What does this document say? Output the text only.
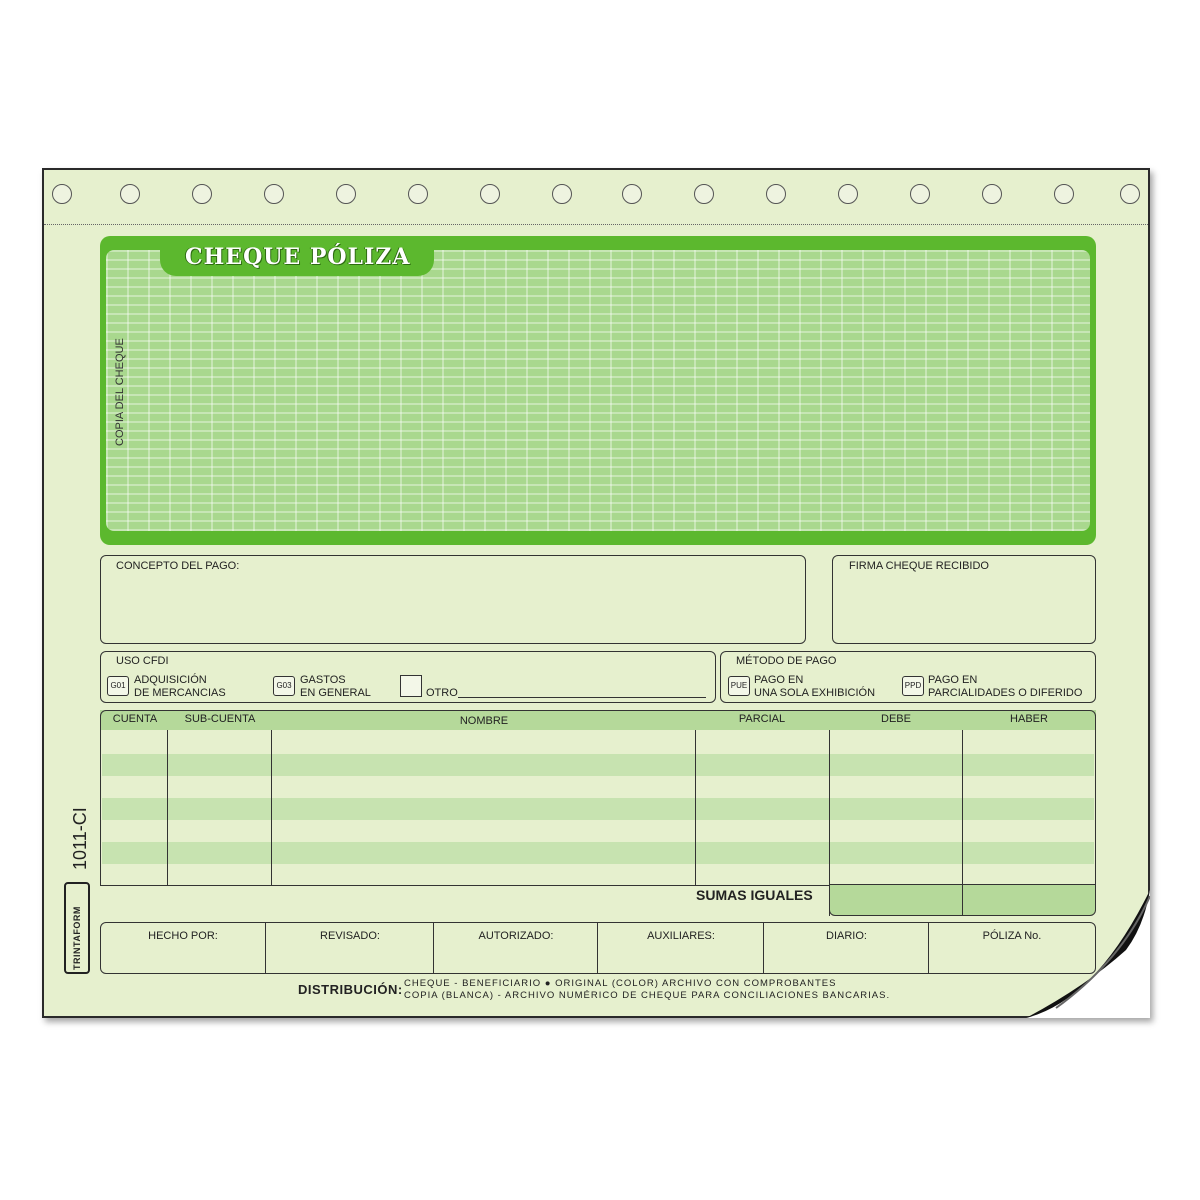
CHEQUE PÓLIZA
COPIA DEL CHEQUE
CONCEPTO DEL PAGO:	FIRMA CHEQUE RECIBIDO
USO CFDI
G01 ADQUISICIÓN
DE MERCANCIAS
G03 GASTOS
EN GENERAL	OTRO
MÉTODO DE PAGO
PUE PAGO EN
UNA SOLA EXHIBICIÓN
PPD PAGO EN
PARCIALIDADES O DIFERIDO
CUENTA	SUB-CUENTA	NOMBRE	PARCIAL	DEBE	HABER
SUMAS IGUALES
HECHO POR:	REVISADO:	AUTORIZADO:	AUXILIARES:	DIARIO:	PÓLIZA No.
DISTRIBUCIÓN: CHEQUE - BENEFICIARIO ● ORIGINAL (COLOR) ARCHIVO CON COMPROBANTES
COPIA (BLANCA) - ARCHIVO NUMÉRICO DE CHEQUE PARA CONCILIACIONES BANCARIAS.
1011-CI
TRINTAFORM
